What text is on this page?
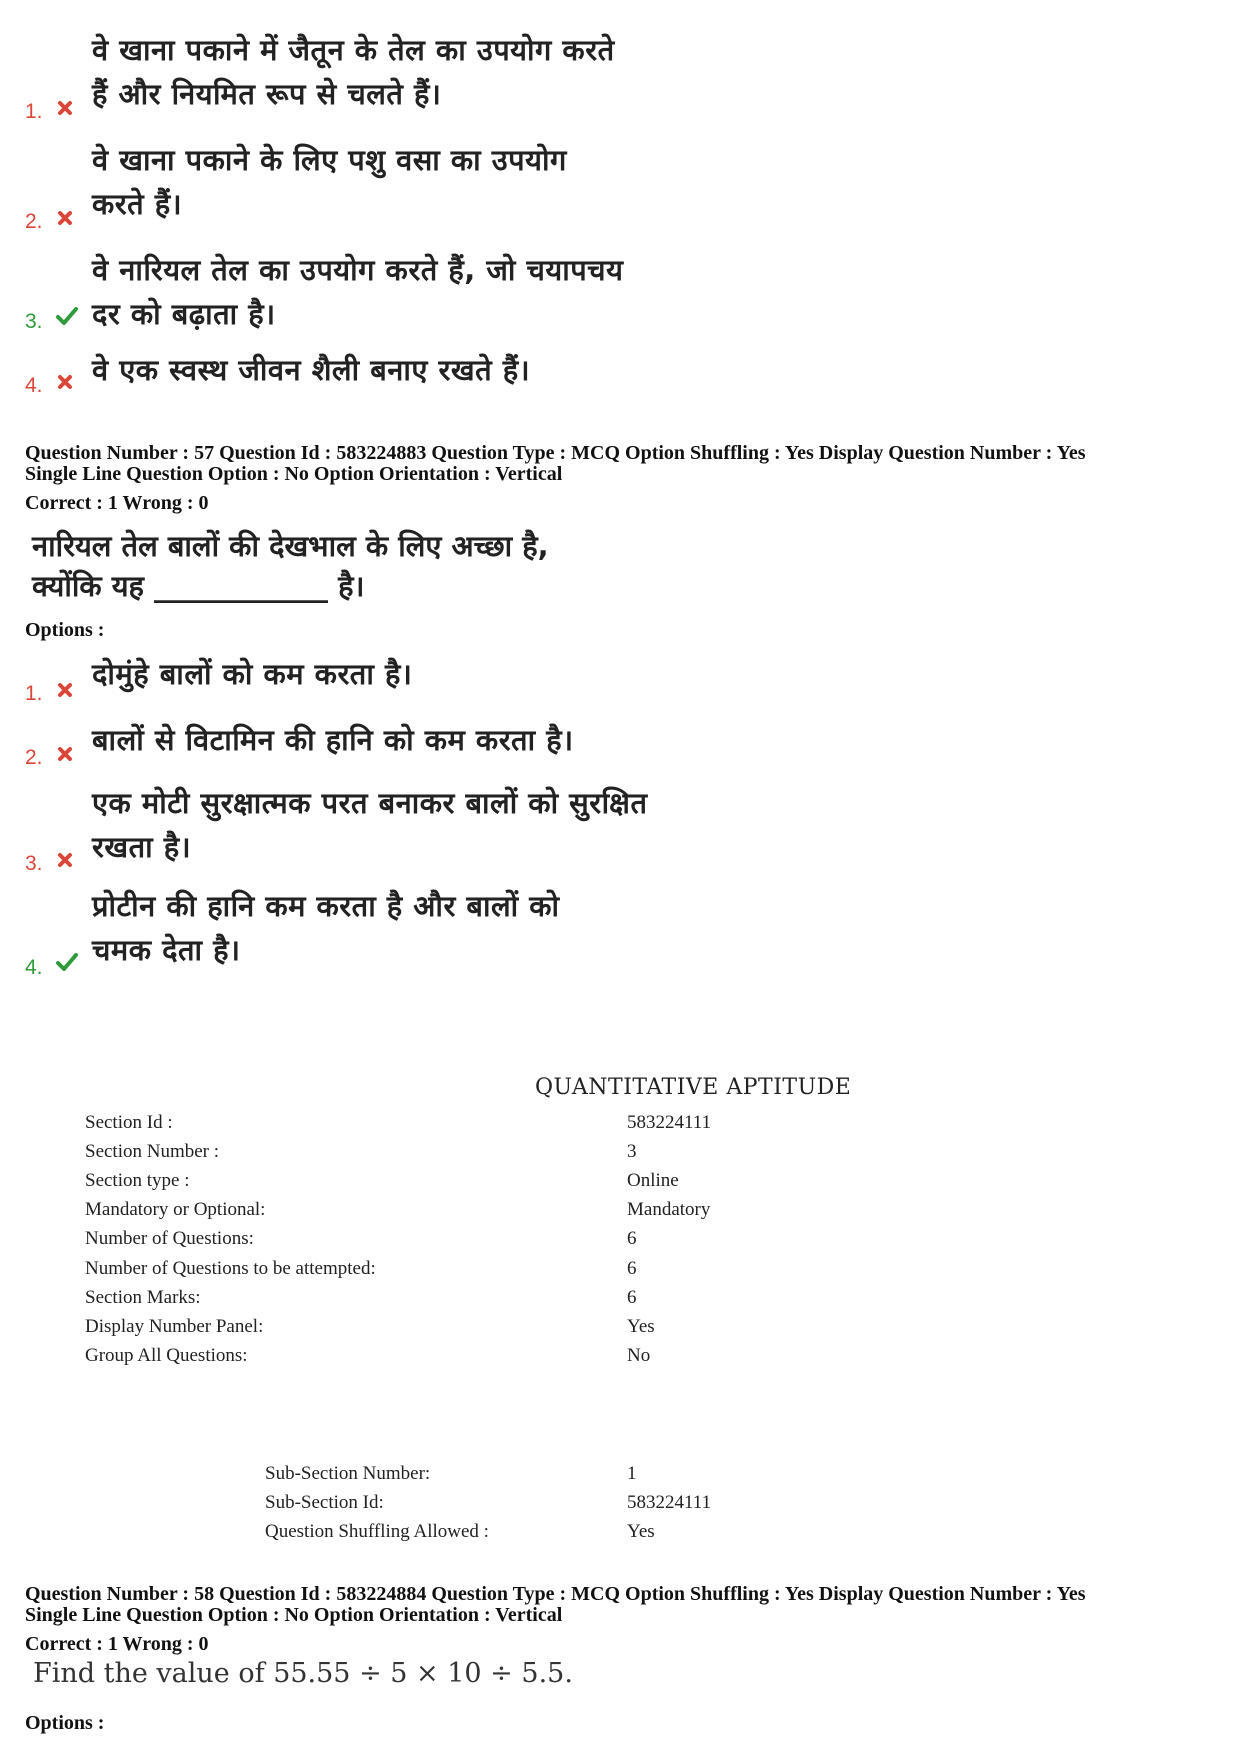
वे खाना पकाने में जैतून के तेल का उपयोग करते
हैं और नियमित रूप से चलते हैं।
1.
वे खाना पकाने के लिए पशु वसा का उपयोग
करते हैं।
2.
वे नारियल तेल का उपयोग करते हैं, जो चयापचय
दर को बढ़ाता है।
3.
वे एक स्वस्थ जीवन शैली बनाए रखते हैं।
4.
Question Number : 57 Question Id : 583224883 Question Type : MCQ Option Shuffling : Yes Display Question Number : Yes
Single Line Question Option : No Option Orientation : Vertical
Correct : 1 Wrong : 0
नारियल तेल बालों की देखभाल के लिए अच्छा है,
क्योंकि यह ____________ है।
Options :
दोमुंहे बालों को कम करता है।
1.
बालों से विटामिन की हानि को कम करता है।
2.
एक मोटी सुरक्षात्मक परत बनाकर बालों को सुरक्षित
रखता है।
3.
प्रोटीन की हानि कम करता है और बालों को
चमक देता है।
4.
QUANTITATIVE APTITUDE
Section Id :	583224111
Section Number :	3
Section type :	Online
Mandatory or Optional:	Mandatory
Number of Questions:	6
Number of Questions to be attempted:	6
Section Marks:	6
Display Number Panel:	Yes
Group All Questions:	No
Sub-Section Number:	1
Sub-Section Id:	583224111
Question Shuffling Allowed :	Yes
Question Number : 58 Question Id : 583224884 Question Type : MCQ Option Shuffling : Yes Display Question Number : Yes
Single Line Question Option : No Option Orientation : Vertical
Correct : 1 Wrong : 0
Find the value of 55.55 ÷ 5 × 10 ÷ 5.5.
Options :
